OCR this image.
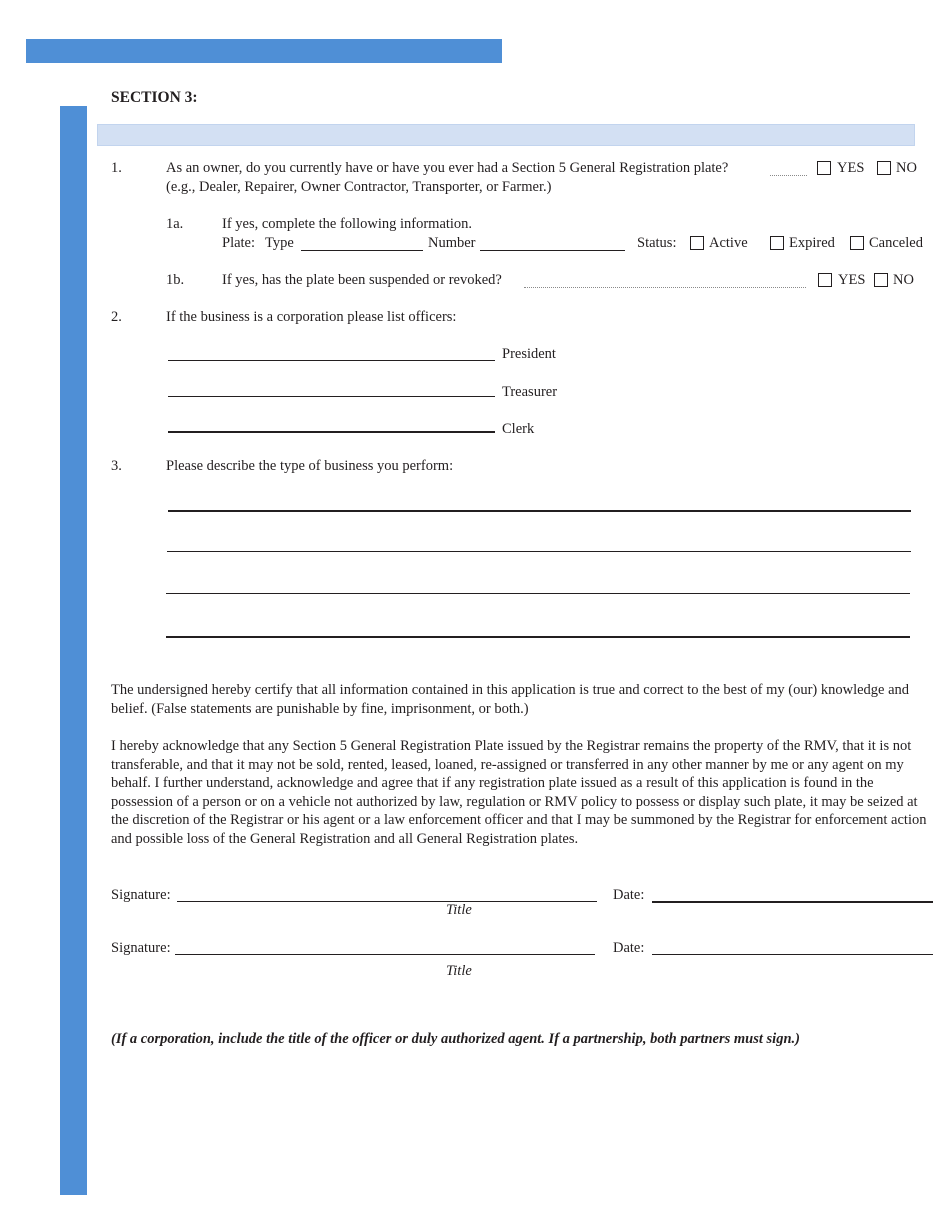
SECTION 3:
1.	As an owner, do you currently have or have you ever had a Section 5 General Registration plate?	YES NO
(e.g., Dealer, Repairer, Owner Contractor, Transporter, or Farmer.)
1a.	If yes, complete the following information.
Plate: Type	Number	Status: Active	Expired Canceled
1b.	If yes, has the plate been suspended or revoked?	YES NO
2.	If the business is a corporation please list officers:
President
Treasurer
Clerk
3.	Please describe the type of business you perform:
The undersigned hereby certify that all information contained in this application is true and correct to the best of my (our) knowledge and belief. (False statements are punishable by fine, imprisonment, or both.)
I hereby acknowledge that any Section 5 General Registration Plate issued by the Registrar remains the property of the RMV, that it is not transferable, and that it may not be sold, rented, leased, loaned, re-assigned or transferred in any other manner by me or any agent on my behalf. I further understand, acknowledge and agree that if any registration plate issued as a result of this application is found in the possession of a person or on a vehicle not authorized by law, regulation or RMV policy to possess or display such plate, it may be seized at the discretion of the Registrar or his agent or a law enforcement officer and that I may be summoned by the Registrar for enforcement action and possible loss of the General Registration and all General Registration plates.
Signature:
Title
Date:
Signature:
Title
Date:
(If a corporation, include the title of the officer or duly authorized agent. If a partnership, both partners must sign.)
